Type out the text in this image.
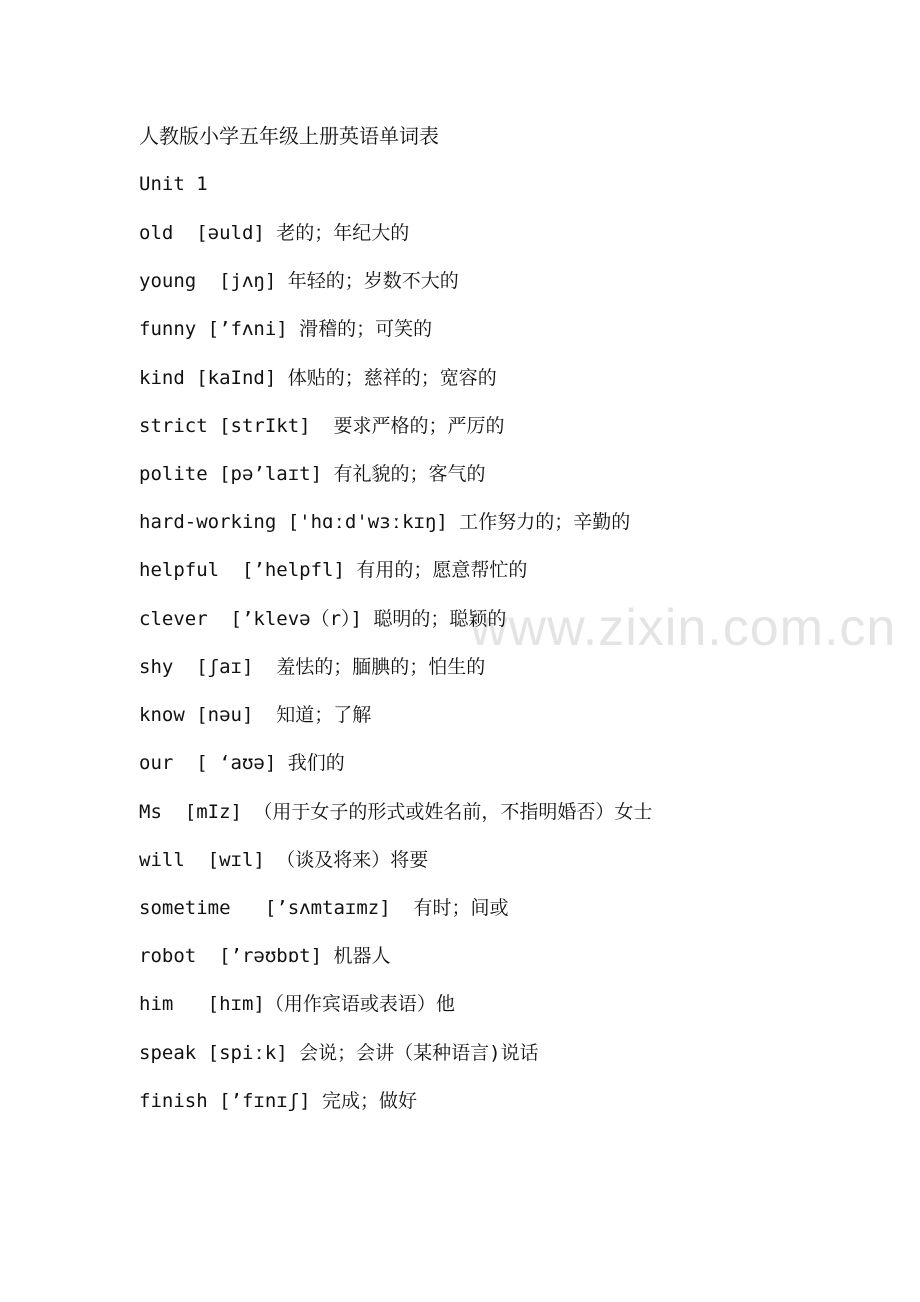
www.zixin.com.cn
人教版小学五年级上册英语单词表
Unit 1
old  [əuld] 老的；年纪大的
young  [jʌŋ] 年轻的；岁数不大的
funny [’fʌni] 滑稽的；可笑的
kind [kaInd] 体贴的；慈祥的；宽容的
strict [strIkt]  要求严格的；严厉的
polite [pə’laɪt] 有礼貌的；客气的
hard-working ['hɑːd'wɜːkɪŋ] 工作努力的；辛勤的
helpful  [’helpfl] 有用的；愿意帮忙的
clever  [’klevə（r）] 聪明的；聪颖的
shy  [ʃaɪ]  羞怯的；腼腆的；怕生的
know [nəu]  知道；了解
our  [ ‘aʊə] 我们的
Ms  [mIz] （用于女子的形式或姓名前，不指明婚否）女士
will  [wɪl] （谈及将来）将要
sometime   [’sʌmtaɪmz]  有时；间或
robot  [’rəʊbɒt] 机器人
him   [hɪm]（用作宾语或表语）他
speak [spiːk] 会说；会讲（某种语言)说话
finish [’fɪnɪʃ] 完成；做好
